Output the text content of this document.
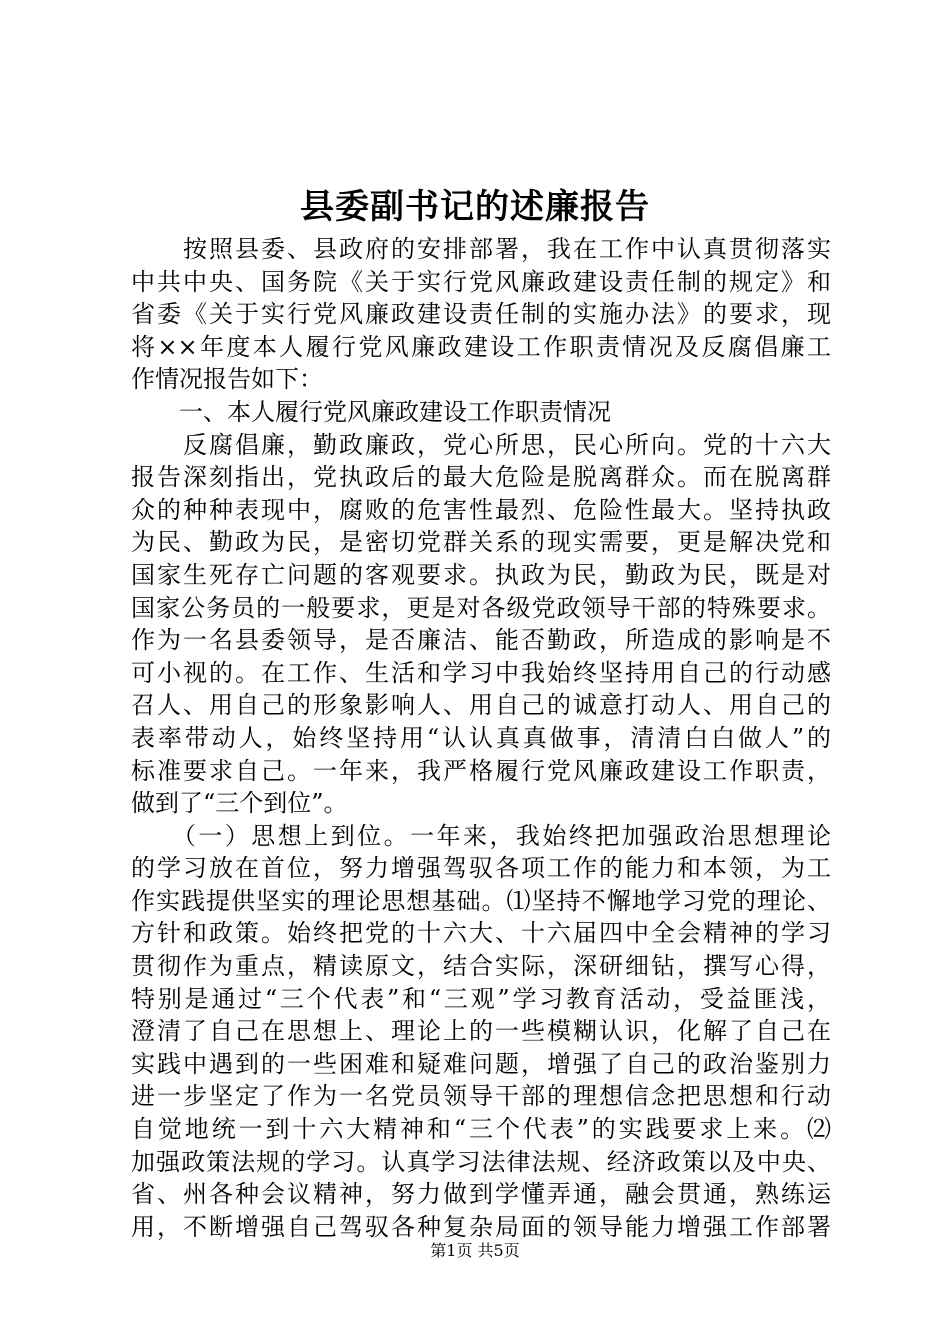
县委副书记的述廉报告
　　按照县委、县政府的安排部署，我在工作中认真贯彻落实
中共中央、国务院《关于实行党风廉政建设责任制的规定》和
省委《关于实行党风廉政建设责任制的实施办法》的要求，现
将××年度本人履行党风廉政建设工作职责情况及反腐倡廉工
作情况报告如下：
　　一、本人履行党风廉政建设工作职责情况
　　反腐倡廉，勤政廉政，党心所思，民心所向。党的十六大
报告深刻指出，党执政后的最大危险是脱离群众。而在脱离群
众的种种表现中，腐败的危害性最烈、危险性最大。坚持执政
为民、勤政为民，是密切党群关系的现实需要，更是解决党和
国家生死存亡问题的客观要求。执政为民，勤政为民，既是对
国家公务员的一般要求，更是对各级党政领导干部的特殊要求。
作为一名县委领导，是否廉洁、能否勤政，所造成的影响是不
可小视的。在工作、生活和学习中我始终坚持用自己的行动感
召人、用自己的形象影响人、用自己的诚意打动人、用自己的
表率带动人，始终坚持用“认认真真做事，清清白白做人”的
标准要求自己。一年来，我严格履行党风廉政建设工作职责，
做到了“三个到位”。
　　（一）思想上到位。一年来，我始终把加强政治思想理论
的学习放在首位，努力增强驾驭各项工作的能力和本领，为工
作实践提供坚实的理论思想基础。⑴坚持不懈地学习党的理论、
方针和政策。始终把党的十六大、十六届四中全会精神的学习
贯彻作为重点，精读原文，结合实际，深研细钻，撰写心得，
特别是通过“三个代表”和“三观”学习教育活动，受益匪浅，
澄清了自己在思想上、理论上的一些模糊认识，化解了自己在
实践中遇到的一些困难和疑难问题，增强了自己的政治鉴别力
进一步坚定了作为一名党员领导干部的理想信念把思想和行动
自觉地统一到十六大精神和“三个代表”的实践要求上来。⑵
加强政策法规的学习。认真学习法律法规、经济政策以及中央、
省、州各种会议精神，努力做到学懂弄通，融会贯通，熟练运
用，不断增强自己驾驭各种复杂局面的领导能力增强工作部署
第1页 共5页
